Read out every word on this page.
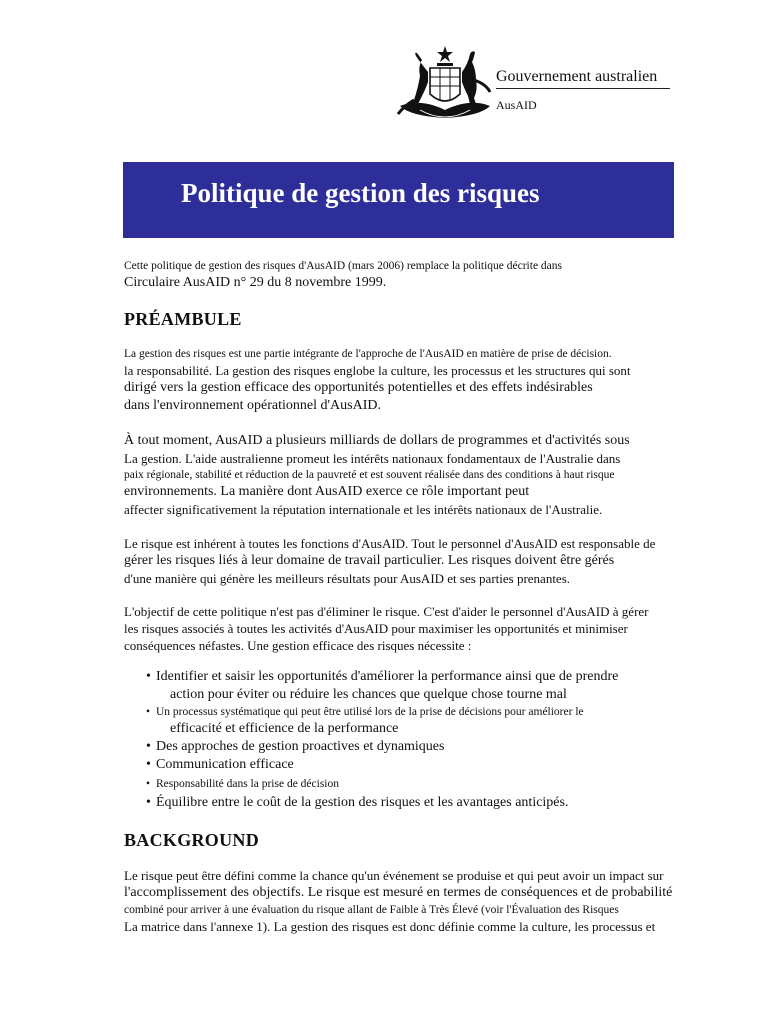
Gouvernement australien
AusAID
Politique de gestion des risques

Cette politique de gestion des risques d'AusAID (mars 2006) remplace la politique décrite dans
Circulaire AusAID n° 29 du 8 novembre 1999.

PRÉAMBULE

La gestion des risques est une partie intégrante de l'approche de l'AusAID en matière de prise de décision.
la responsabilité. La gestion des risques englobe la culture, les processus et les structures qui sont
dirigé vers la gestion efficace des opportunités potentielles et des effets indésirables
dans l'environnement opérationnel d'AusAID.

À tout moment, AusAID a plusieurs milliards de dollars de programmes et d'activités sous
La gestion. L'aide australienne promeut les intérêts nationaux fondamentaux de l'Australie dans
paix régionale, stabilité et réduction de la pauvreté et est souvent réalisée dans des conditions à haut risque
environnements. La manière dont AusAID exerce ce rôle important peut
affecter significativement la réputation internationale et les intérêts nationaux de l'Australie.

Le risque est inhérent à toutes les fonctions d'AusAID. Tout le personnel d'AusAID est responsable de
gérer les risques liés à leur domaine de travail particulier. Les risques doivent être gérés
d'une manière qui génère les meilleurs résultats pour AusAID et ses parties prenantes.

L'objectif de cette politique n'est pas d'éliminer le risque. C'est d'aider le personnel d'AusAID à gérer
les risques associés à toutes les activités d'AusAID pour maximiser les opportunités et minimiser
conséquences néfastes. Une gestion efficace des risques nécessite :

• Identifier et saisir les opportunités d'améliorer la performance ainsi que de prendre
action pour éviter ou réduire les chances que quelque chose tourne mal
• Un processus systématique qui peut être utilisé lors de la prise de décisions pour améliorer le
efficacité et efficience de la performance
• Des approches de gestion proactives et dynamiques
• Communication efficace
• Responsabilité dans la prise de décision
• Équilibre entre le coût de la gestion des risques et les avantages anticipés.
BACKGROUND

Le risque peut être défini comme la chance qu'un événement se produise et qui peut avoir un impact sur
l'accomplissement des objectifs. Le risque est mesuré en termes de conséquences et de probabilité
combiné pour arriver à une évaluation du risque allant de Faible à Très Élevé (voir l'Évaluation des Risques
La matrice dans l'annexe 1). La gestion des risques est donc définie comme la culture, les processus et
